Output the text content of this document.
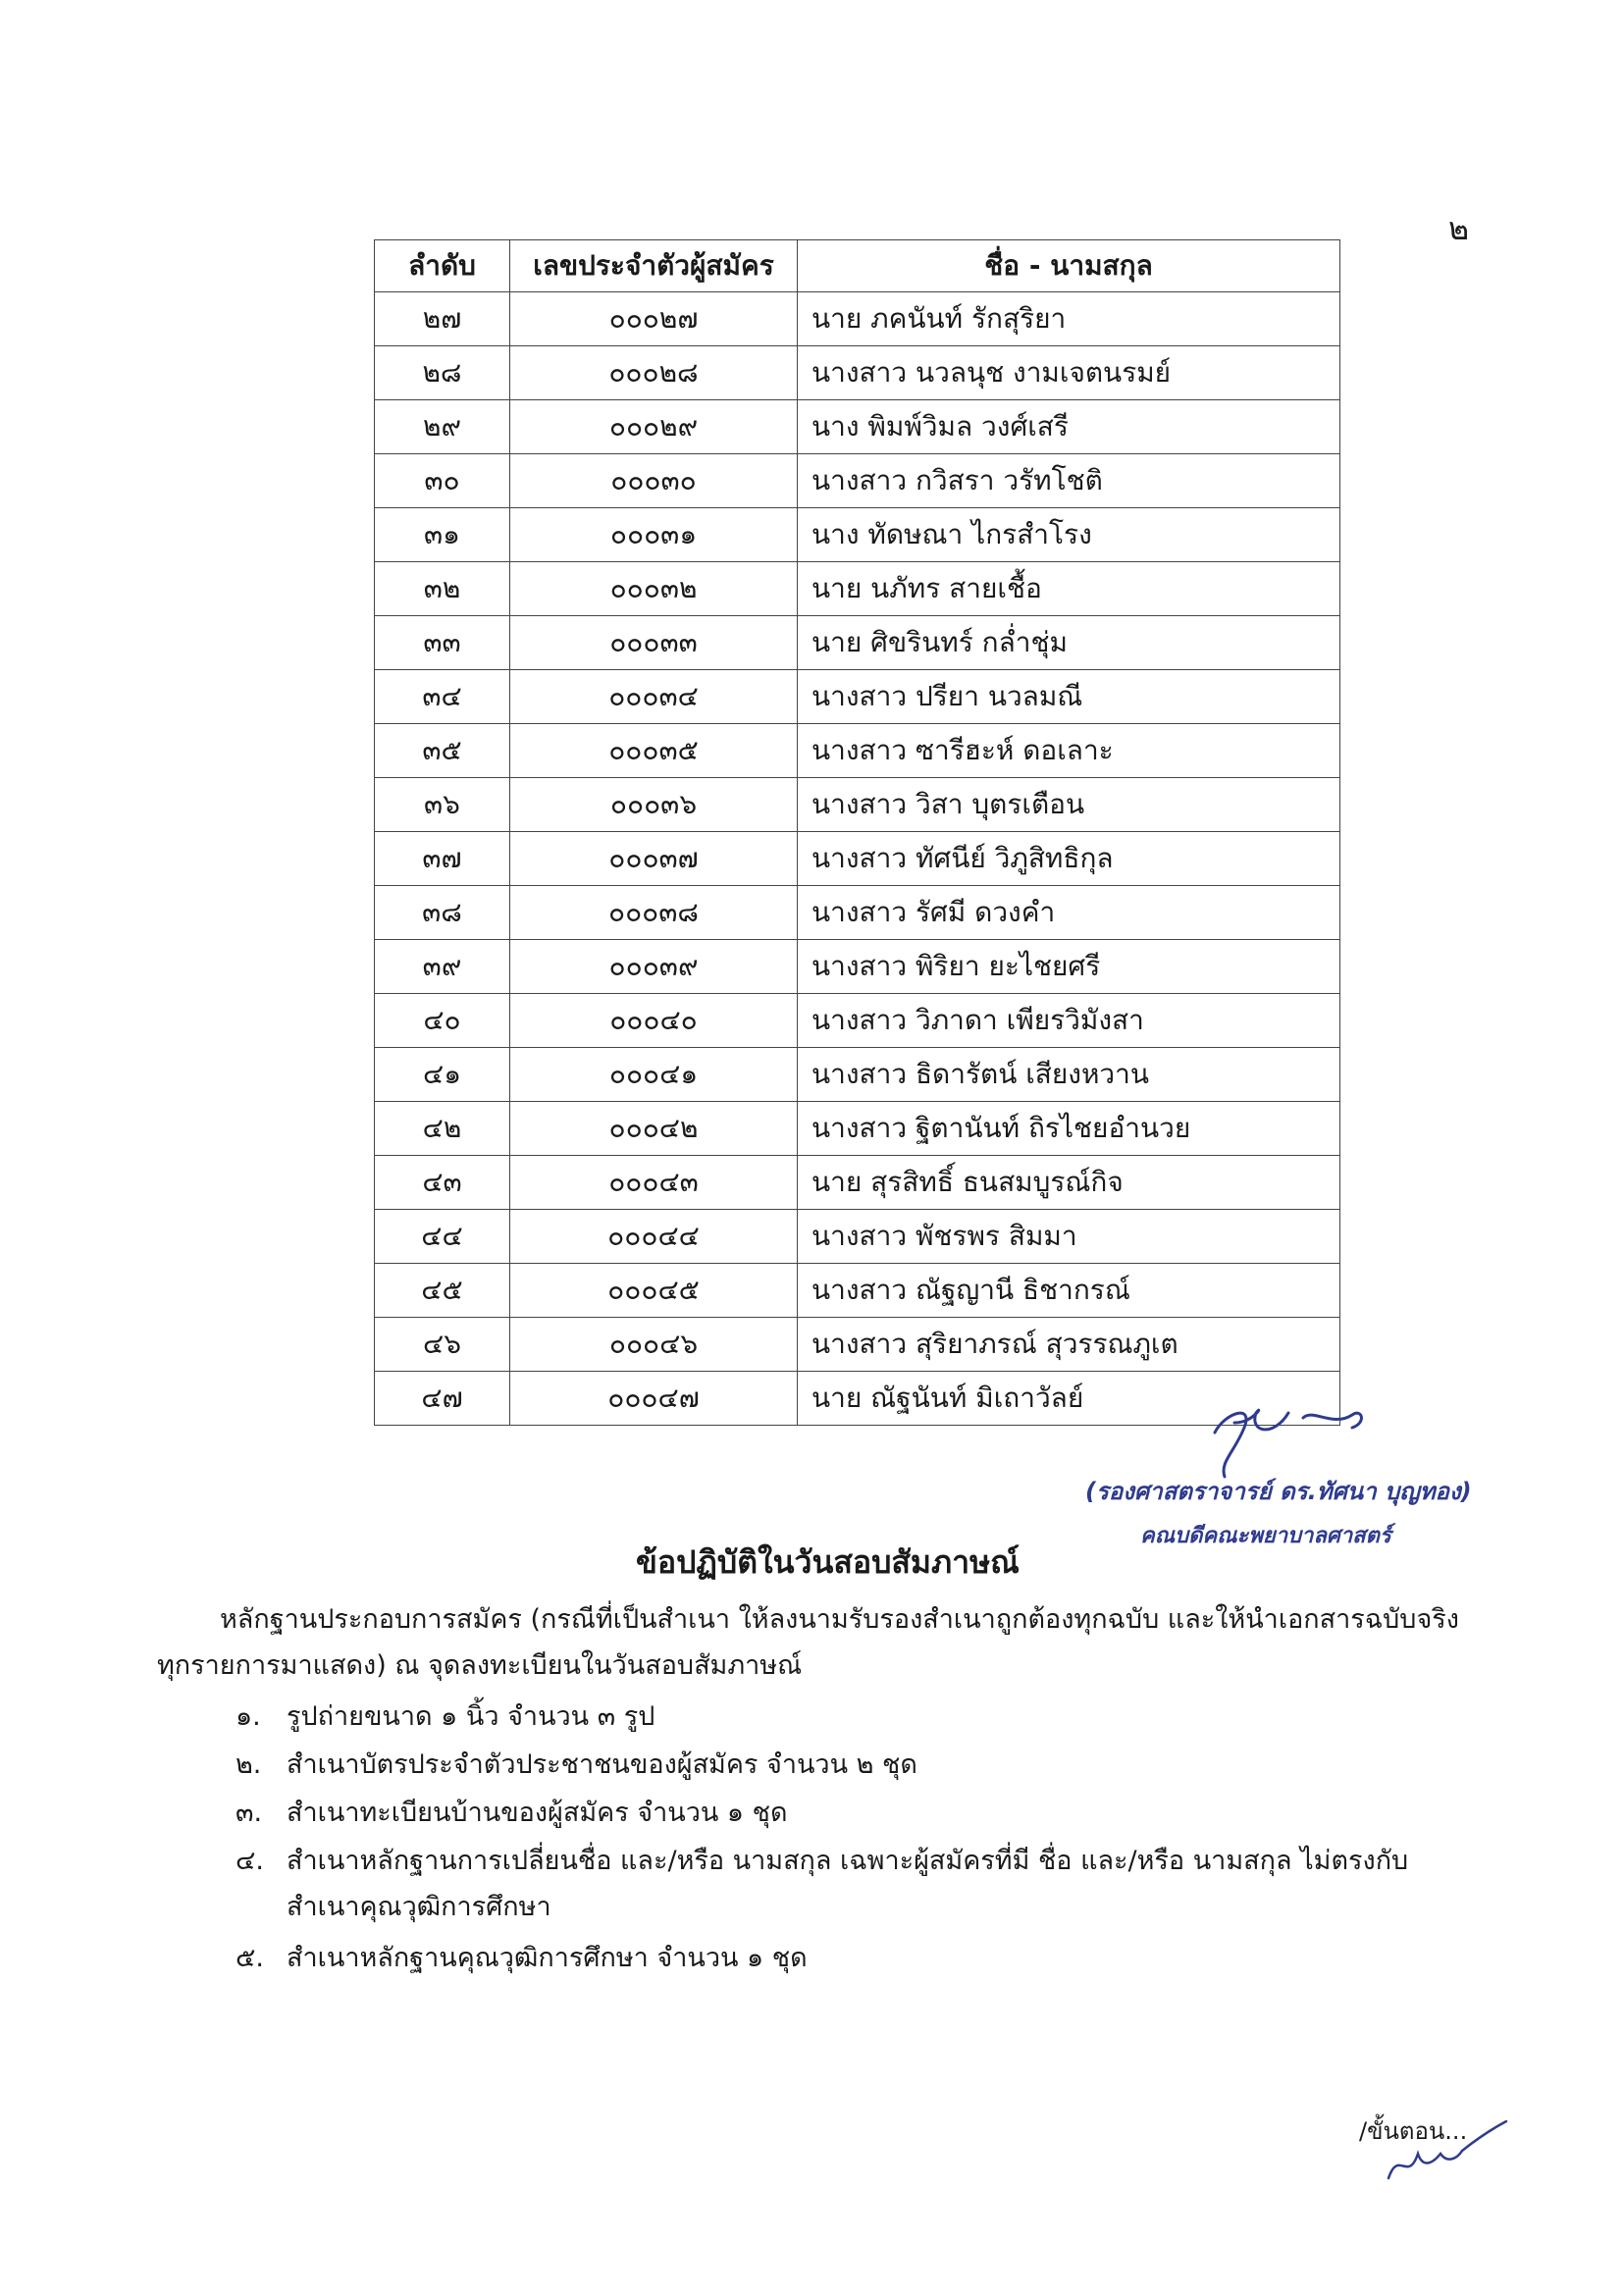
๒
ลำดับ	เลขประจำตัวผู้สมัคร	ชื่อ - นามสกุล
๒๗	๐๐๐๒๗	นาย ภคนันท์ รักสุริยา
๒๘	๐๐๐๒๘	นางสาว นวลนุช งามเจตนรมย์
๒๙	๐๐๐๒๙	นาง พิมพ์วิมล วงศ์เสรี
๓๐	๐๐๐๓๐	นางสาว กวิสรา วรัทโชติ
๓๑	๐๐๐๓๑	นาง ทัดษณา ไกรสำโรง
๓๒	๐๐๐๓๒	นาย นภัทร สายเชื้อ
๓๓	๐๐๐๓๓	นาย ศิขรินทร์ กล่ำชุ่ม
๓๔	๐๐๐๓๔	นางสาว ปรียา นวลมณี
๓๕	๐๐๐๓๕	นางสาว ซารีฮะห์ ดอเลาะ
๓๖	๐๐๐๓๖	นางสาว วิสา บุตรเตือน
๓๗	๐๐๐๓๗	นางสาว ทัศนีย์ วิภูสิทธิกุล
๓๘	๐๐๐๓๘	นางสาว รัศมี ดวงคำ
๓๙	๐๐๐๓๙	นางสาว พิริยา ยะไชยศรี
๔๐	๐๐๐๔๐	นางสาว วิภาดา เพียรวิมังสา
๔๑	๐๐๐๔๑	นางสาว ธิดารัตน์ เสียงหวาน
๔๒	๐๐๐๔๒	นางสาว ฐิตานันท์ ถิรไชยอำนวย
๔๓	๐๐๐๔๓	นาย สุรสิทธิ์ ธนสมบูรณ์กิจ
๔๔	๐๐๐๔๔	นางสาว พัชรพร สิมมา
๔๕	๐๐๐๔๕	นางสาว ณัฐญานี ธิชากรณ์
๔๖	๐๐๐๔๖	นางสาว สุริยาภรณ์ สุวรรณภูเต
๔๗	๐๐๐๔๗	นาย ณัฐนันท์ มิเถาวัลย์
(รองศาสตราจารย์ ดร.ทัศนา บุญทอง)
คณบดีคณะพยาบาลศาสตร์
ข้อปฏิบัติในวันสอบสัมภาษณ์
หลักฐานประกอบการสมัคร (กรณีที่เป็นสำเนา ให้ลงนามรับรองสำเนาถูกต้องทุกฉบับ และให้นำเอกสารฉบับจริง
ทุกรายการมาแสดง) ณ จุดลงทะเบียนในวันสอบสัมภาษณ์
๑. รูปถ่ายขนาด ๑ นิ้ว จำนวน ๓ รูป
๒. สำเนาบัตรประจำตัวประชาชนของผู้สมัคร จำนวน ๒ ชุด
๓. สำเนาทะเบียนบ้านของผู้สมัคร จำนวน ๑ ชุด
๔. สำเนาหลักฐานการเปลี่ยนชื่อ และ/หรือ นามสกุล เฉพาะผู้สมัครที่มี ชื่อ และ/หรือ นามสกุล ไม่ตรงกับ
สำเนาคุณวุฒิการศึกษา
๕. สำเนาหลักฐานคุณวุฒิการศึกษา จำนวน ๑ ชุด
/ขั้นตอน...
